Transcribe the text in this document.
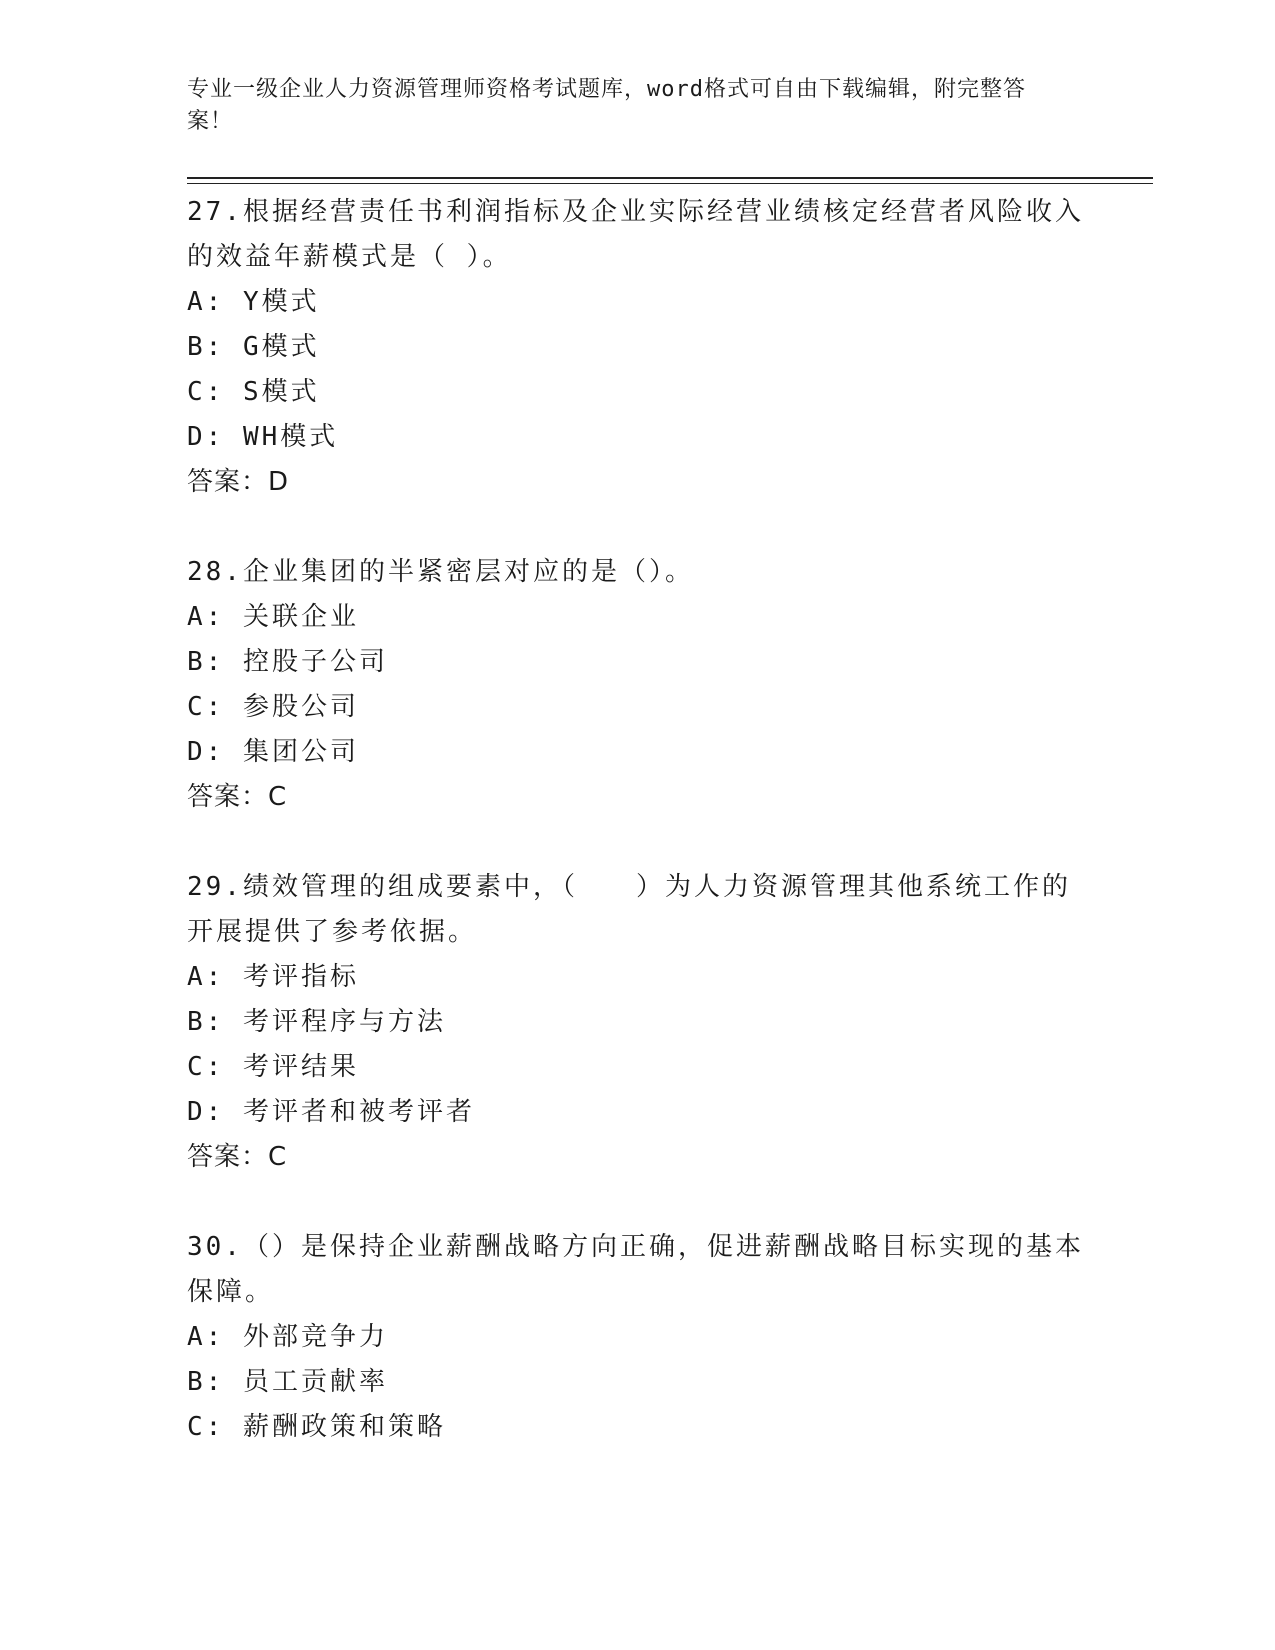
专业一级企业人力资源管理师资格考试题库，word格式可自由下载编辑，附完整答案！
27.根据经营责任书利润指标及企业实际经营业绩核定经营者风险收入的效益年薪模式是（ ）。
A: Y模式
B: G模式
C: S模式
D: WH模式
答案：D
28.企业集团的半紧密层对应的是（）。
A: 关联企业
B: 控股子公司
C: 参股公司
D: 集团公司
答案：C
29.绩效管理的组成要素中，（　　）为人力资源管理其他系统工作的开展提供了参考依据。
A: 考评指标
B: 考评程序与方法
C: 考评结果
D: 考评者和被考评者
答案：C
30.（）是保持企业薪酬战略方向正确，促进薪酬战略目标实现的基本保障。
A: 外部竞争力
B: 员工贡献率
C: 薪酬政策和策略
